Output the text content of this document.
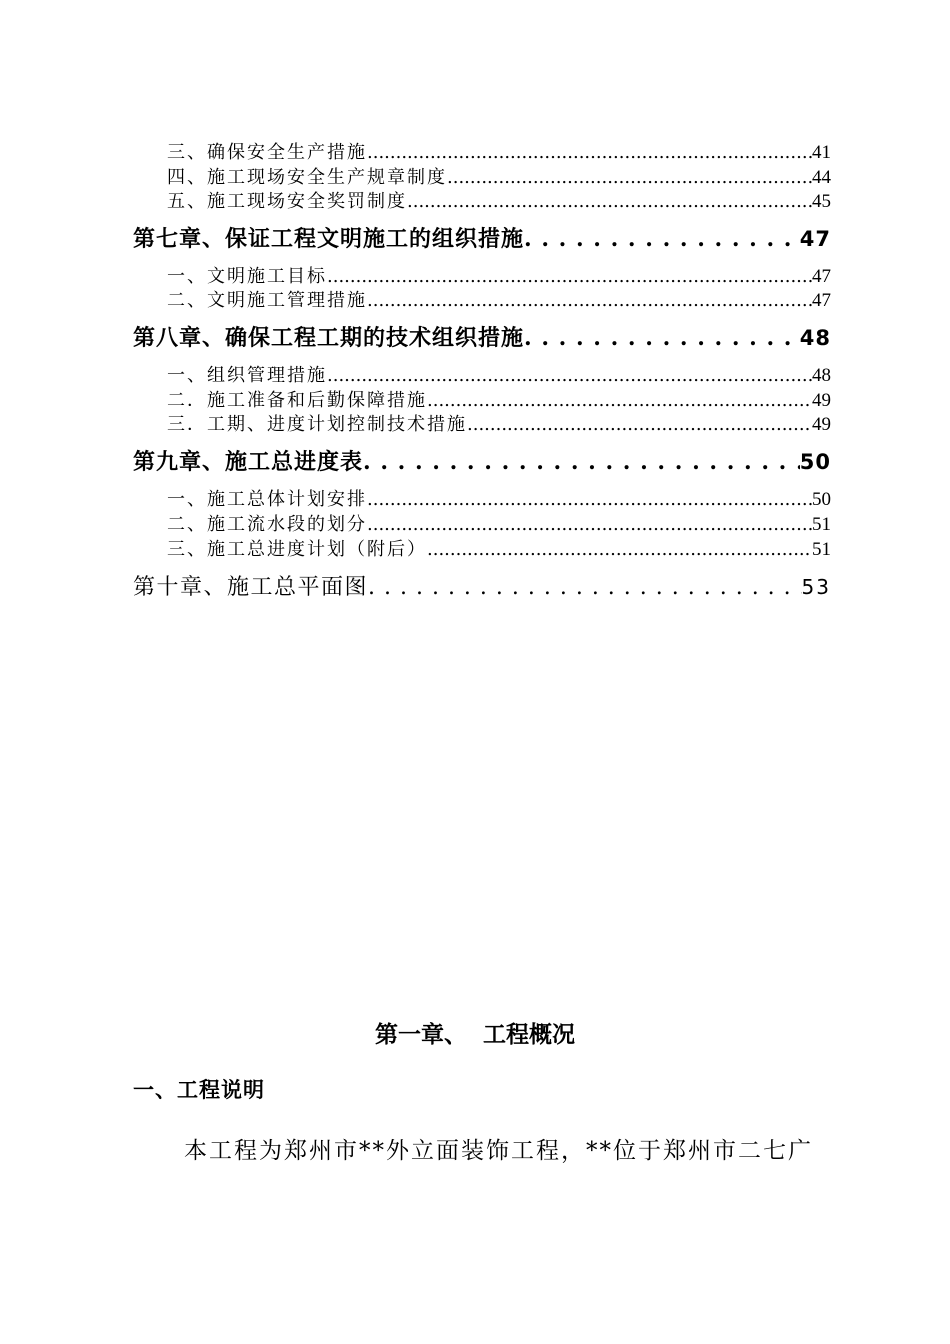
三、确保安全生产措施 .....	41
四、施工现场安全生产规章制度 .....	44
五、施工现场安全奖罚制度 .....	45
第七章、保证工程文明施工的组织措施 . . .	47
一、文明施工目标 .....	47
二、文明施工管理措施 .....	47
第八章、确保工程工期的技术组织措施 . . .	48
一、组织管理措施 .....	48
二．施工准备和后勤保障措施 .....	49
三．工期、进度计划控制技术措施 .....	49
第九章、施工总进度表 . . .	50
一、施工总体计划安排 .....	50
二、施工流水段的划分 .....	51
三、施工总进度计划（附后） .....	51
第十章、施工总平面图 . . .	53
第一章、  工程概况
一、工程说明
本工程为郑州市**外立面装饰工程，**位于郑州市二七广
